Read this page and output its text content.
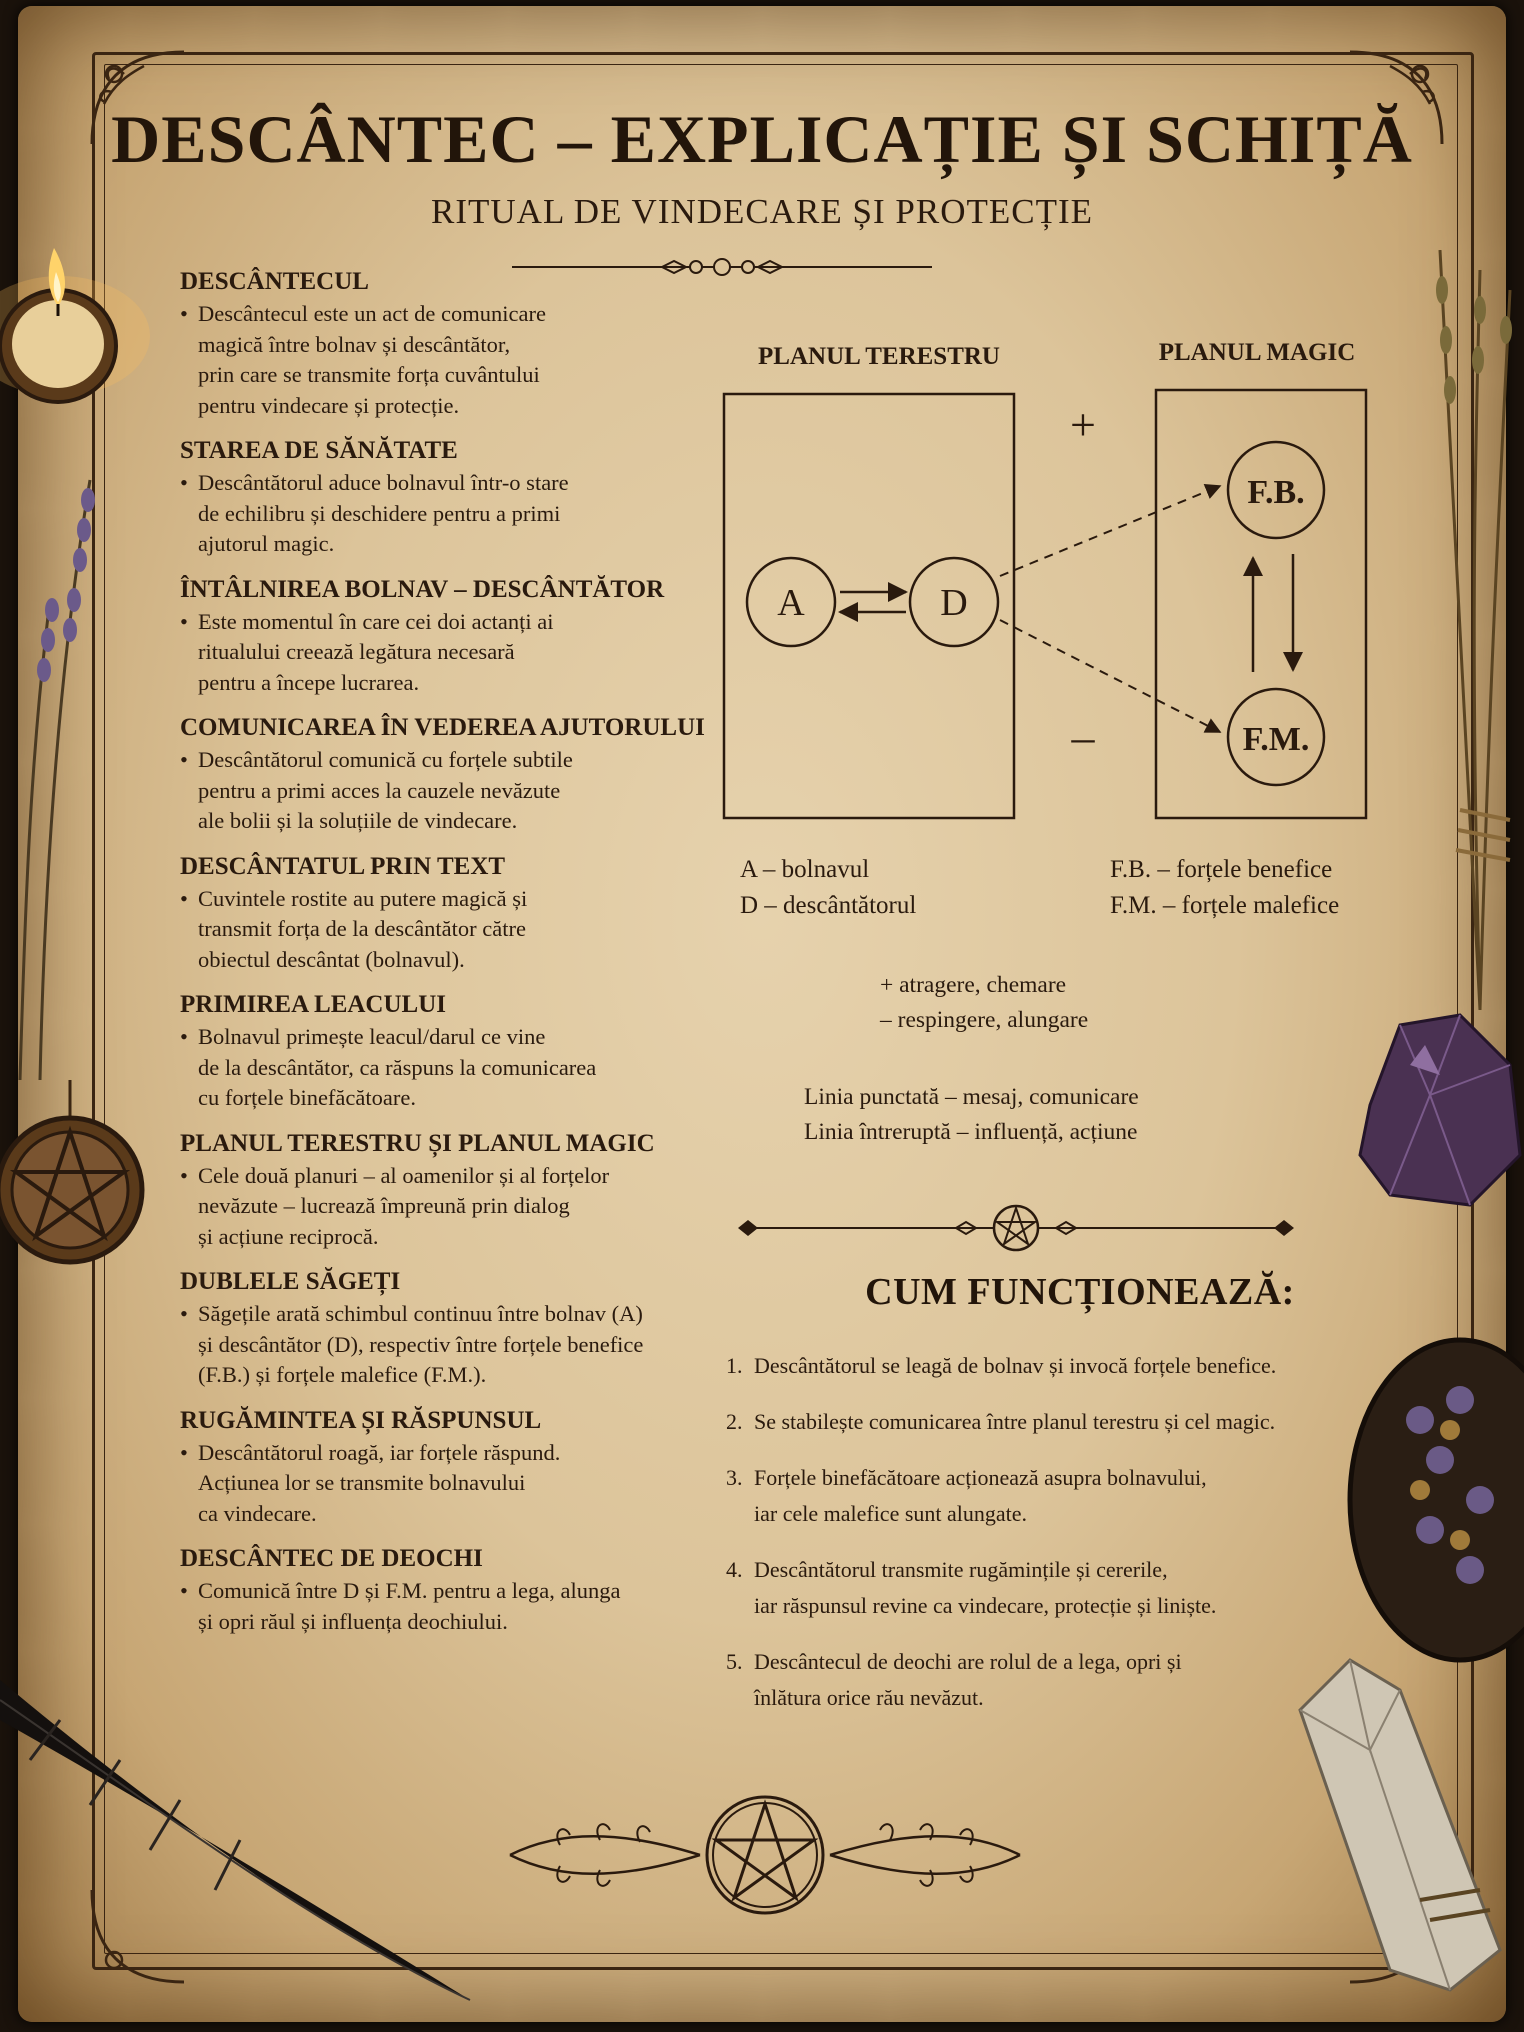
DESCÂNTEC – EXPLICAȚIE ȘI SCHIȚĂ
RITUAL DE VINDECARE ȘI PROTECȚIE
DESCÂNTECUL
• Descântecul este un act de comunicare
magică între bolnav și descântător,
prin care se transmite forța cuvântului
pentru vindecare și protecție.
STAREA DE SĂNĂTATE
• Descântătorul aduce bolnavul într-o stare
de echilibru și deschidere pentru a primi
ajutorul magic.
ÎNTÂLNIREA BOLNAV – DESCÂNTĂTOR
• Este momentul în care cei doi actanți ai
ritualului creează legătura necesară
pentru a începe lucrarea.
COMUNICAREA ÎN VEDEREA AJUTORULUI
• Descântătorul comunică cu forțele subtile
pentru a primi acces la cauzele nevăzute
ale bolii și la soluțiile de vindecare.
DESCÂNTATUL PRIN TEXT
• Cuvintele rostite au putere magică și
transmit forța de la descântător către
obiectul descântat (bolnavul).
PRIMIREA LEACULUI
• Bolnavul primește leacul/darul ce vine
de la descântător, ca răspuns la comunicarea
cu forțele binefăcătoare.
PLANUL TERESTRU ȘI PLANUL MAGIC
• Cele două planuri – al oamenilor și al forțelor
nevăzute – lucrează împreună prin dialog
și acțiune reciprocă.
DUBLELE SĂGEȚI
• Săgețile arată schimbul continuu între bolnav (A)
și descântător (D), respectiv între forțele benefice
(F.B.) și forțele malefice (F.M.).
RUGĂMINTEA ȘI RĂSPUNSUL
• Descântătorul roagă, iar forțele răspund.
Acțiunea lor se transmite bolnavului
ca vindecare.
DESCÂNTEC DE DEOCHI
• Comunică între D și F.M. pentru a lega, alunga
și opri răul și influența deochiului.
PLANUL TERESTRU	PLANUL MAGIC
+
–
A	D
F.B.
F.M.
A – bolnavul
D – descântătorul
F.B. – forțele benefice
F.M. – forțele malefice
+ atragere, chemare
– respingere, alungare
Linia punctată – mesaj, comunicare
Linia întreruptă – influență, acțiune
CUM FUNCȚIONEAZĂ:
1. Descântătorul se leagă de bolnav și invocă forțele benefice.
2. Se stabilește comunicarea între planul terestru și cel magic.
3. Forțele binefăcătoare acționează asupra bolnavului,
iar cele malefice sunt alungate.
4. Descântătorul transmite rugămințile și cererile,
iar răspunsul revine ca vindecare, protecție și liniște.
5. Descântecul de deochi are rolul de a lega, opri și
înlătura orice rău nevăzut.
